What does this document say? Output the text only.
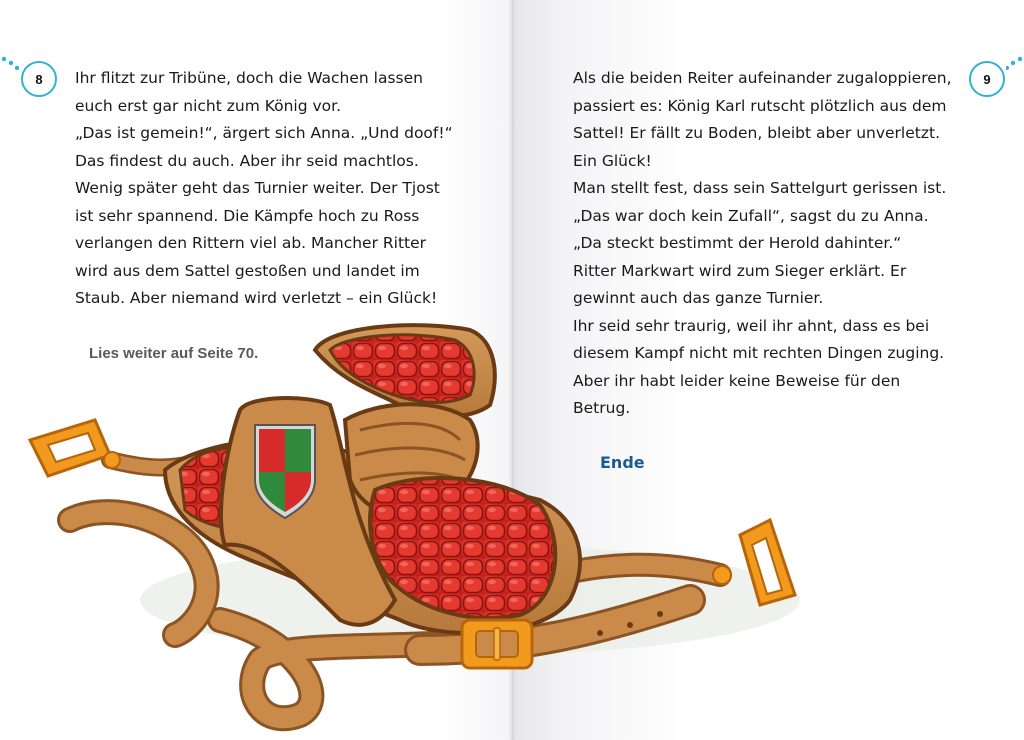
8	9
Ihr flitzt zur Tribüne, doch die Wachen lassen
euch erst gar nicht zum König vor.
„Das ist gemein!“, ärgert sich Anna. „Und doof!“
Das findest du auch. Aber ihr seid machtlos.
Wenig später geht das Turnier weiter. Der Tjost
ist sehr spannend. Die Kämpfe hoch zu Ross
verlangen den Rittern viel ab. Mancher Ritter
wird aus dem Sattel gestoßen und landet im
Staub. Aber niemand wird verletzt – ein Glück!
Lies weiter auf Seite 70.
Als die beiden Reiter aufeinander zugaloppieren,
passiert es: König Karl rutscht plötzlich aus dem
Sattel! Er fällt zu Boden, bleibt aber unverletzt.
Ein Glück!
Man stellt fest, dass sein Sattelgurt gerissen ist.
„Das war doch kein Zufall“, sagst du zu Anna.
„Da steckt bestimmt der Herold dahinter.“
Ritter Markwart wird zum Sieger erklärt. Er
gewinnt auch das ganze Turnier.
Ihr seid sehr traurig, weil ihr ahnt, dass es bei
diesem Kampf nicht mit rechten Dingen zuging.
Aber ihr habt leider keine Beweise für den
Betrug.
Ende
